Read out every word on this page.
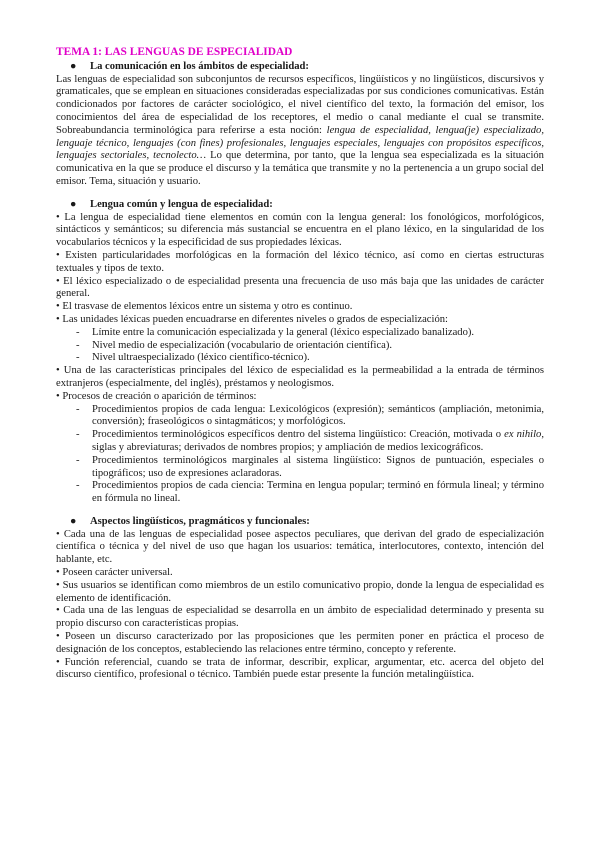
TEMA 1: LAS LENGUAS DE ESPECIALIDAD
● La comunicación en los ámbitos de especialidad:

Las lenguas de especialidad son subconjuntos de recursos específicos, lingüísticos y no lingüísticos, discursivos y gramaticales, que se emplean en situaciones consideradas especializadas por sus condiciones comunicativas. Están condicionados por factores de carácter sociológico, el nivel científico del texto, la formación del emisor, los conocimientos del área de especialidad de los receptores, el medio o canal mediante el cual se transmite. Sobreabundancia terminológica para referirse a esta noción: lengua de especialidad, lengua(je) especializado, lenguaje técnico, lenguajes (con fines) profesionales, lenguajes especiales, lenguajes con propósitos específicos, lenguajes sectoriales, tecnolecto… Lo que determina, por tanto, que la lengua sea especializada es la situación comunicativa en la que se produce el discurso y la temática que transmite y no la pertenencia a un grupo social del emisor. Tema, situación y usuario.

● Lengua común y lengua de especialidad:

• La lengua de especialidad tiene elementos en común con la lengua general: los fonológicos, morfológicos, sintácticos y semánticos; su diferencia más sustancial se encuentra en el plano léxico, en la singularidad de los vocabularios técnicos y la especificidad de sus propiedades léxicas.

• Existen particularidades morfológicas en la formación del léxico técnico, así como en ciertas estructuras textuales y tipos de texto.

• El léxico especializado o de especialidad presenta una frecuencia de uso más baja que las unidades de carácter general.

• El trasvase de elementos léxicos entre un sistema y otro es continuo.

• Las unidades léxicas pueden encuadrarse en diferentes niveles o grados de especialización:

- Límite entre la comunicación especializada y la general (léxico especializado banalizado).
- Nivel medio de especialización (vocabulario de orientación científica).
- Nivel ultraespecializado (léxico científico-técnico).

• Una de las características principales del léxico de especialidad es la permeabilidad a la entrada de términos extranjeros (especialmente, del inglés), préstamos y neologismos.

• Procesos de creación o aparición de términos:

- Procedimientos propios de cada lengua: Lexicológicos (expresión); semánticos (ampliación, metonimia, conversión); fraseológicos o sintagmáticos; y morfológicos.
- Procedimientos terminológicos específicos dentro del sistema lingüístico: Creación, motivada o ex nihilo, siglas y abreviaturas; derivados de nombres propios; y ampliación de medios lexicográficos.
- Procedimientos terminológicos marginales al sistema lingüístico: Signos de puntuación, especiales o tipográficos; uso de expresiones aclaradoras.
- Procedimientos propios de cada ciencia: Termina en lengua popular; terminó en fórmula lineal; y término en fórmula no lineal.
● Aspectos lingüísticos, pragmáticos y funcionales:

• Cada una de las lenguas de especialidad posee aspectos peculiares, que derivan del grado de especialización científica o técnica y del nivel de uso que hagan los usuarios: temática, interlocutores, contexto, intención del hablante, etc.

• Poseen carácter universal.

• Sus usuarios se identifican como miembros de un estilo comunicativo propio, donde la lengua de especialidad es elemento de identificación.

• Cada una de las lenguas de especialidad se desarrolla en un ámbito de especialidad determinado y presenta su propio discurso con características propias.

• Poseen un discurso caracterizado por las proposiciones que les permiten poner en práctica el proceso de designación de los conceptos, estableciendo las relaciones entre término, concepto y referente.

• Función referencial, cuando se trata de informar, describir, explicar, argumentar, etc. acerca del objeto del discurso científico, profesional o técnico. También puede estar presente la función metalingüística.
